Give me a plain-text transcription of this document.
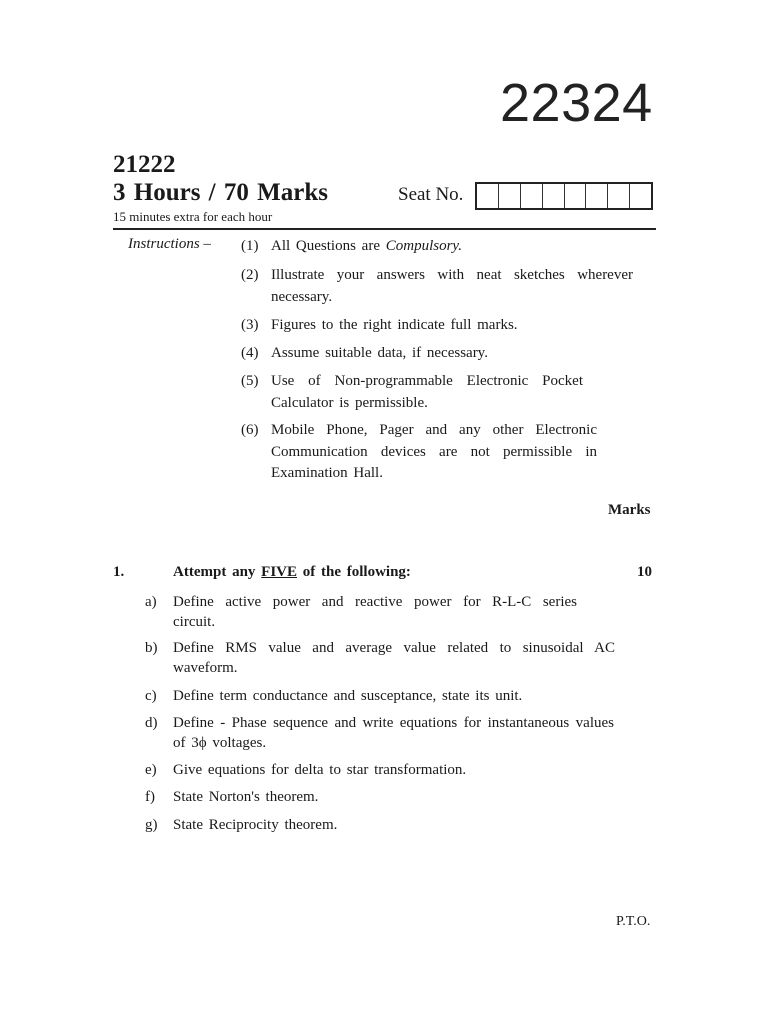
22324
21222
3 Hours / 70 Marks
15 minutes extra for each hour
Seat No.
Instructions – (1) All Questions are Compulsory.
(2) Illustrate your answers with neat sketches wherever necessary.
(3) Figures to the right indicate full marks.
(4) Assume suitable data, if necessary.
(5) Use of Non-programmable Electronic Pocket Calculator is permissible.
(6) Mobile Phone, Pager and any other Electronic Communication devices are not permissible in Examination Hall.
Marks
1.	Attempt any FIVE of the following:	10
a) Define active power and reactive power for R-L-C series circuit.
b) Define RMS value and average value related to sinusoidal AC waveform.
c) Define term conductance and susceptance, state its unit.
d) Define - Phase sequence and write equations for instantaneous values of 3ϕ voltages.
e) Give equations for delta to star transformation.
f) State Norton's theorem.
g) State Reciprocity theorem.
P.T.O.
